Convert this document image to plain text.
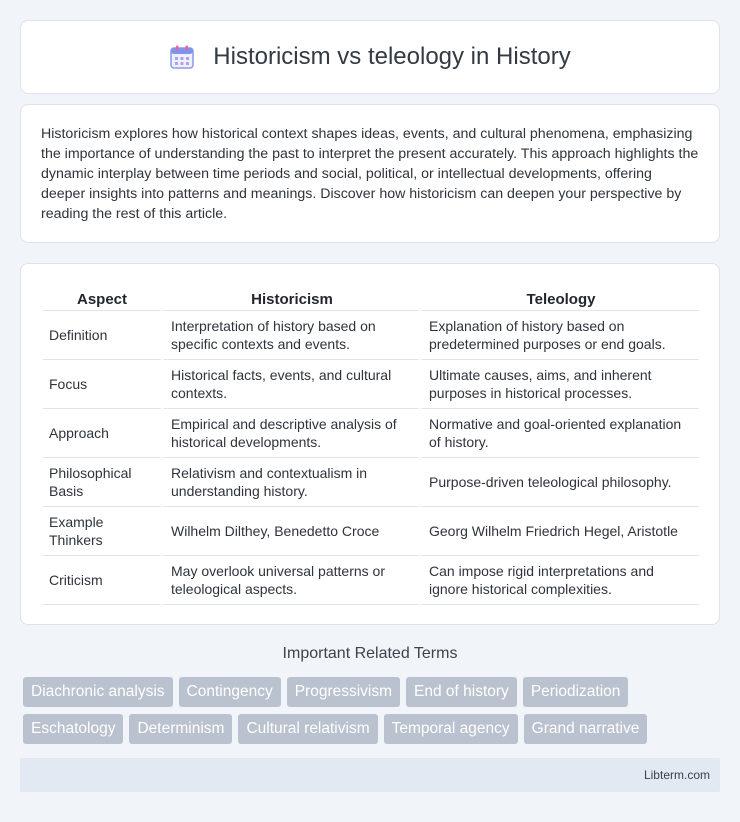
Historicism vs teleology in History

Historicism explores how historical context shapes ideas, events, and cultural phenomena, emphasizing the importance of understanding the past to interpret the present accurately. This approach highlights the dynamic interplay between time periods and social, political, or intellectual developments, offering deeper insights into patterns and meanings. Discover how historicism can deepen your perspective by reading the rest of this article.

Aspect	Historicism	Teleology
Definition	Interpretation of history based on specific contexts and events.	Explanation of history based on predetermined purposes or end goals.
Focus	Historical facts, events, and cultural contexts.	Ultimate causes, aims, and inherent purposes in historical processes.
Approach	Empirical and descriptive analysis of historical developments.	Normative and goal-oriented explanation of history.
Philosophical Basis	Relativism and contextualism in understanding history.	Purpose-driven teleological philosophy.
Example Thinkers	Wilhelm Dilthey, Benedetto Croce	Georg Wilhelm Friedrich Hegel, Aristotle
Criticism	May overlook universal patterns or teleological aspects.	Can impose rigid interpretations and ignore historical complexities.
Important Related Terms
Diachronic analysis	Contingency	Progressivism	End of history	Periodization
Eschatology	Determinism	Cultural relativism	Temporal agency	Grand narrative
Libterm.com
